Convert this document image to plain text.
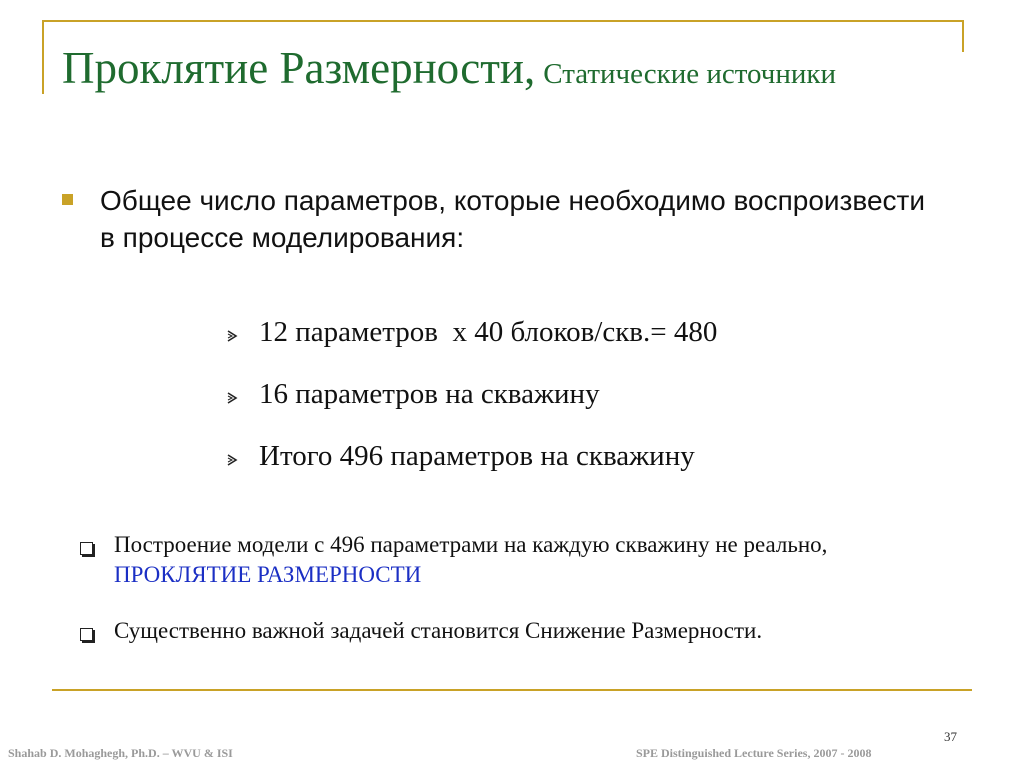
Проклятие Размерности, Статические источники

Общее число параметров, которые необходимо воспроизвести в процессе моделирования:

12 параметров  х 40 блоков/скв.= 480

16 параметров на скважину

Итого 496 параметров на скважину

Построение модели с 496 параметрами на каждую скважину не реально, ПРОКЛЯТИЕ РАЗМЕРНОСТИ
Существенно важной задачей становится Снижение Размерности.
37
Shahab D. Mohaghegh, Ph.D. – WVU & ISI	SPE Distinguished Lecture Series, 2007 - 2008
